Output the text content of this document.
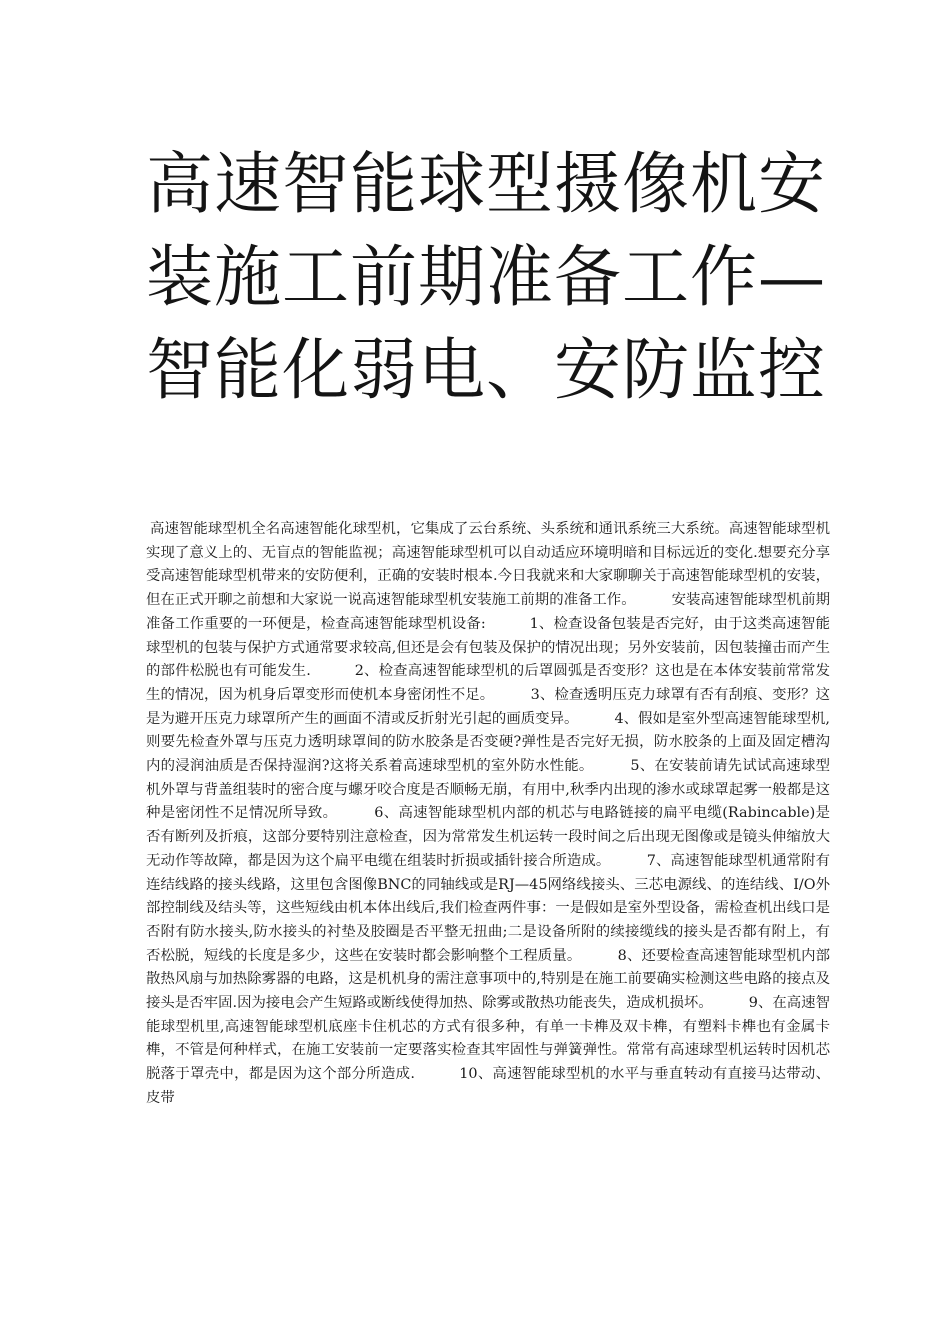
高速智能球型摄像机安装施工前期准备工作—智能化弱电、安防监控

高速智能球型机全名高速智能化球型机，它集成了云台系统、头系统和通讯系统三大系统。高速智能球型机实现了意义上的、无盲点的智能监视；高速智能球型机可以自动适应环境明暗和目标远近的变化.想要充分享受高速智能球型机带来的安防便利，正确的安装时根本.今日我就来和大家聊聊关于高速智能球型机的安装，但在正式开聊之前想和大家说一说高速智能球型机安装施工前期的准备工作。　　　安装高速智能球型机前期准备工作重要的一环便是，检查高速智能球型机设备:　　　1、检查设备包装是否完好，由于这类高速智能球型机的包装与保护方式通常要求较高,但还是会有包装及保护的情况出现；另外安装前，因包装撞击而产生的部件松脱也有可能发生.　　　2、检查高速智能球型机的后罩圆弧是否变形？这也是在本体安装前常常发生的情况，因为机身后罩变形而使机本身密闭性不足。　　　3、检查透明压克力球罩有否有刮痕、变形？这是为避开压克力球罩所产生的画面不清或反折射光引起的画质变异。　　　4、假如是室外型高速智能球型机,则要先检查外罩与压克力透明球罩间的防水胶条是否变硬?弹性是否完好无损，防水胶条的上面及固定槽沟内的浸润油质是否保持湿润?这将关系着高速球型机的室外防水性能。　　　5、在安装前请先试试高速球型机外罩与背盖组装时的密合度与螺牙咬合度是否顺畅无崩，有用中,秋季内出现的渗水或球罩起雾一般都是这种是密闭性不足情况所导致。　　　6、高速智能球型机内部的机芯与电路链接的扁平电缆(Rabincable)是否有断列及折痕，这部分要特别注意检查，因为常常发生机运转一段时间之后出现无图像或是镜头伸缩放大无动作等故障，都是因为这个扁平电缆在组装时折损或插针接合所造成。　　　7、高速智能球型机通常附有连结线路的接头线路，这里包含图像BNC的同轴线或是RJ—45网络线接头、三芯电源线、的连结线、I/O外部控制线及结头等，这些短线由机本体出线后,我们检查两件事：一是假如是室外型设备，需检查机出线口是否附有防水接头,防水接头的衬垫及胶圈是否平整无扭曲;二是设备所附的续接缆线的接头是否都有附上，有否松脱，短线的长度是多少，这些在安装时都会影响整个工程质量。　　　8、还要检查高速智能球型机内部散热风扇与加热除雾器的电路，这是机机身的需注意事项中的,特别是在施工前要确实检测这些电路的接点及接头是否牢固.因为接电会产生短路或断线使得加热、除雾或散热功能丧失，造成机损坏。　　　9、在高速智能球型机里,高速智能球型机底座卡住机芯的方式有很多种，有单一卡榫及双卡榫，有塑料卡榫也有金属卡榫，不管是何种样式，在施工安装前一定要落实检查其牢固性与弹簧弹性。常常有高速球型机运转时因机芯脱落于罩壳中，都是因为这个部分所造成.　　　10、高速智能球型机的水平与垂直转动有直接马达带动、皮带
